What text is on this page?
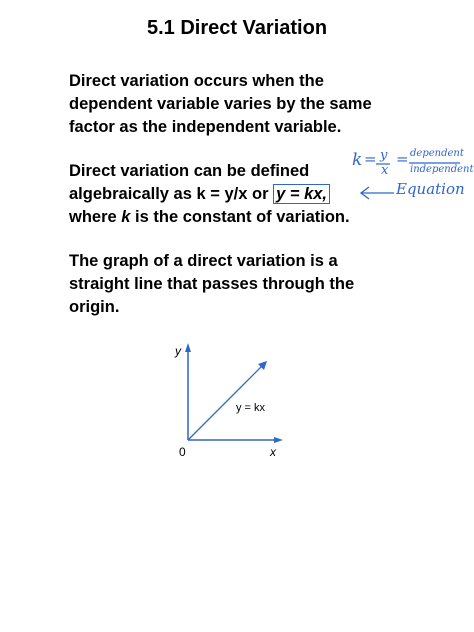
5.1 Direct Variation
Direct variation occurs when the
dependent variable varies by the same
factor as the independent variable.
Direct variation can be defined
algebraically as k = y/x or y = kx,
where k is the constant of variation.
k = y
x
= dependent
independent
Equation
The graph of a direct variation is a
straight line that passes through the
origin.
y
x
0
y = kx
